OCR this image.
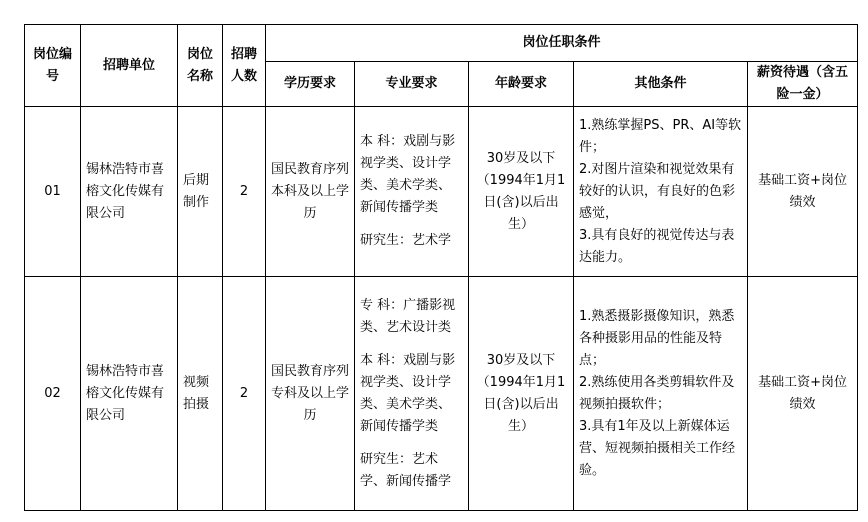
岗位编号	招聘单位	岗位名称	招聘人数	岗位任职条件				
				学历要求	专业要求	年龄要求	其他条件	薪资待遇（含五险一金）
01	锡林浩特市喜榕文化传媒有限公司	后期制作	2	国民教育序列本科及以上学历	本 科：戏剧与影视学类、设计学类、美术学类、新闻传播学类
研究生：艺术学	30岁及以下（1994年1月1日(含)以后出生）	1.熟练掌握PS、PR、AI等软件；
2.对图片渲染和视觉效果有较好的认识，有良好的色彩感觉，
3.具有良好的视觉传达与表达能力。	基础工资+岗位绩效
02	锡林浩特市喜榕文化传媒有限公司	视频拍摄	2	国民教育序列专科及以上学历	专 科：广播影视类、艺术设计类
本 科：戏剧与影视学类、设计学类、美术学类、新闻传播学类
研究生：艺术学、新闻传播学	30岁及以下（1994年1月1日(含)以后出生）	1.熟悉摄影摄像知识，熟悉各种摄影用品的性能及特点；
2.熟练使用各类剪辑软件及视频拍摄软件；
3.具有1年及以上新媒体运营、短视频拍摄相关工作经验。	基础工资+岗位绩效
